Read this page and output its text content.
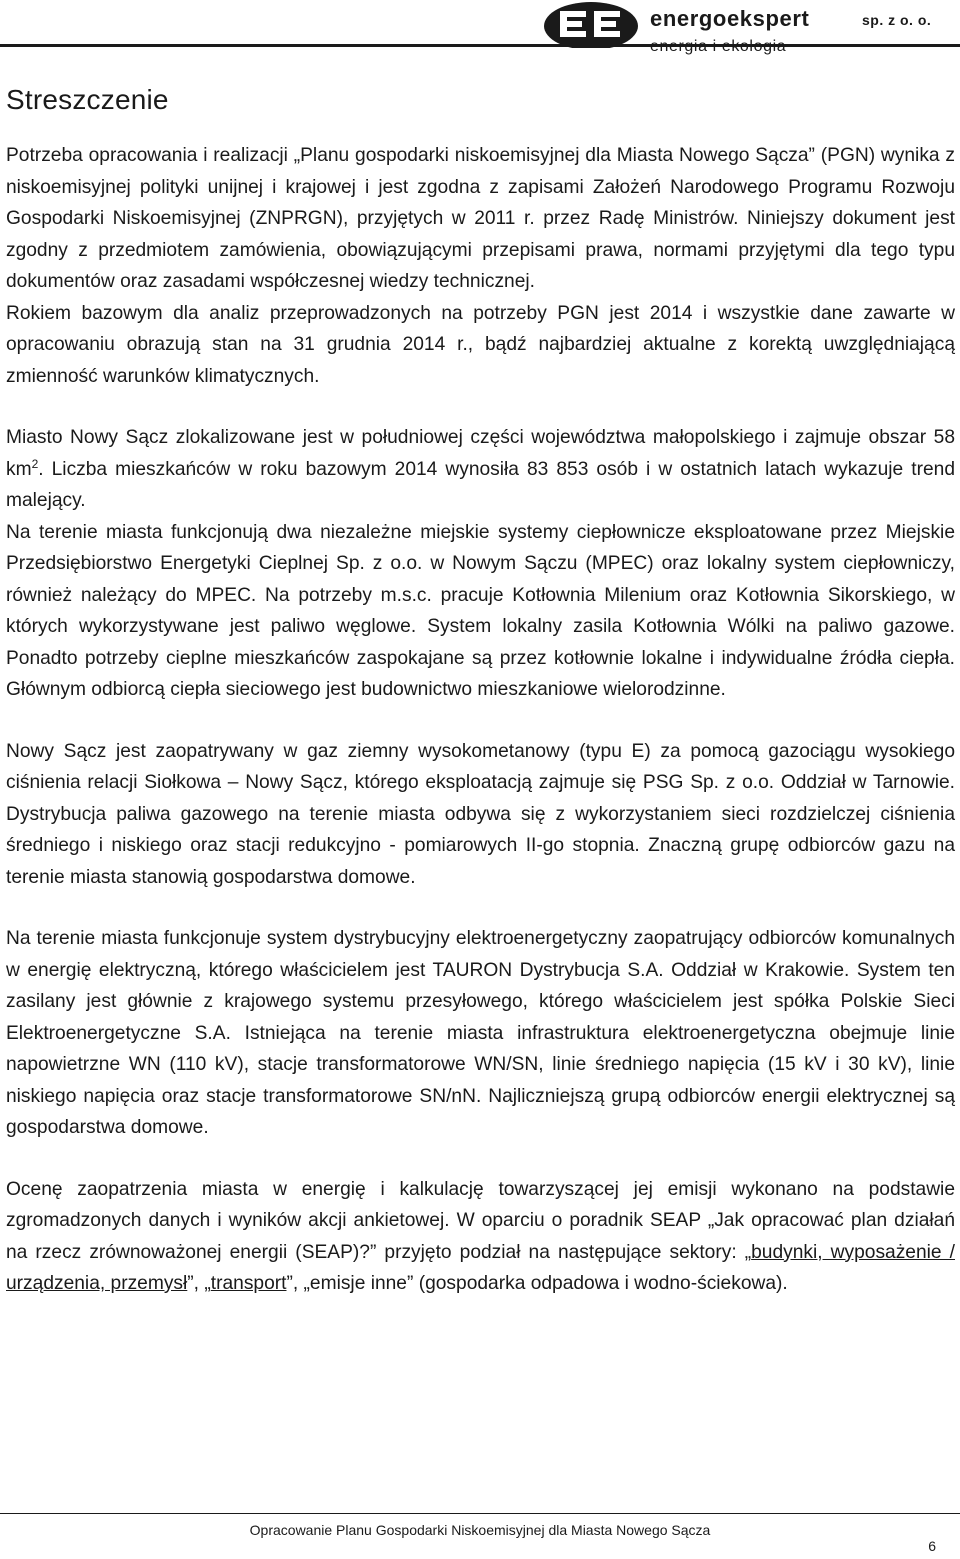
energoekspert	sp. z o. o.
Streszczenie

Potrzeba opracowania i realizacji „Planu gospodarki niskoemisyjnej dla Miasta Nowego Sącza” (PGN) wynika z niskoemisyjnej polityki unijnej i krajowej i jest zgodna z zapisami Założeń Narodowego Programu Rozwoju Gospodarki Niskoemisyjnej (ZNPRGN), przyjętych w 2011 r. przez Radę Ministrów. Niniejszy dokument jest zgodny z przedmiotem zamówienia, obowiązującymi przepisami prawa, normami przyjętymi dla tego typu dokumentów oraz zasadami współczesnej wiedzy technicznej.

Rokiem bazowym dla analiz przeprowadzonych na potrzeby PGN jest 2014 i wszystkie dane zawarte w opracowaniu obrazują stan na 31 grudnia 2014 r., bądź najbardziej aktualne z korektą uwzględniającą zmienność warunków klimatycznych.

Miasto Nowy Sącz zlokalizowane jest w południowej części województwa małopolskiego i zajmuje obszar 58 $km^2$. Liczba mieszkańców w roku bazowym 2014 wynosiła 83 853 osób i w ostatnich latach wykazuje trend malejący.

Na terenie miasta funkcjonują dwa niezależne miejskie systemy ciepłownicze eksploatowane przez Miejskie Przedsiębiorstwo Energetyki Cieplnej Sp. z o.o. w Nowym Sączu (MPEC) oraz lokalny system ciepłowniczy, również należący do MPEC. Na potrzeby m.s.c. pracuje Kotłownia Milenium oraz Kotłownia Sikorskiego, w których wykorzystywane jest paliwo węglowe. System lokalny zasila Kotłownia Wólki na paliwo gazowe. Ponadto potrzeby cieplne mieszkańców zaspokajane są przez kotłownie lokalne i indywidualne źródła ciepła. Głównym odbiorcą ciepła sieciowego jest budownictwo mieszkaniowe wielorodzinne.

Nowy Sącz jest zaopatrywany w gaz ziemny wysokometanowy (typu E) za pomocą gazociągu wysokiego ciśnienia relacji Siołkowa – Nowy Sącz, którego eksploatacją zajmuje się PSG Sp. z o.o. Oddział w Tarnowie. Dystrybucja paliwa gazowego na terenie miasta odbywa się z wykorzystaniem sieci rozdzielczej ciśnienia średniego i niskiego oraz stacji redukcyjno - pomiarowych II-go stopnia. Znaczną grupę odbiorców gazu na terenie miasta stanowią gospodarstwa domowe.

Na terenie miasta funkcjonuje system dystrybucyjny elektroenergetyczny zaopatrujący odbiorców komunalnych w energię elektryczną, którego właścicielem jest TAURON Dystrybucja S.A. Oddział w Krakowie. System ten zasilany jest głównie z krajowego systemu przesyłowego, którego właścicielem jest spółka Polskie Sieci Elektroenergetyczne S.A. Istniejąca na terenie miasta infrastruktura elektroenergetyczna obejmuje linie napowietrzne WN (110 kV), stacje transformatorowe WN/SN, linie średniego napięcia (15 kV i 30 kV), linie niskiego napięcia oraz stacje transformatorowe SN/nN. Najliczniejszą grupą odbiorców energii elektrycznej są gospodarstwa domowe.

Ocenę zaopatrzenia miasta w energię i kalkulację towarzyszącej jej emisji wykonano na podstawie zgromadzonych danych i wyników akcji ankietowej. W oparciu o poradnik SEAP „Jak opracować plan działań na rzecz zrównoważonej energii (SEAP)?” przyjęto podział na następujące sektory: „budynki, wyposażenie / urządzenia, przemysł”, „transport”, „emisje inne” (gospodarka odpadowa i wodno-ściekowa).

Opracowanie Planu Gospodarki Niskoemisyjnej dla Miasta Nowego Sącza
6
